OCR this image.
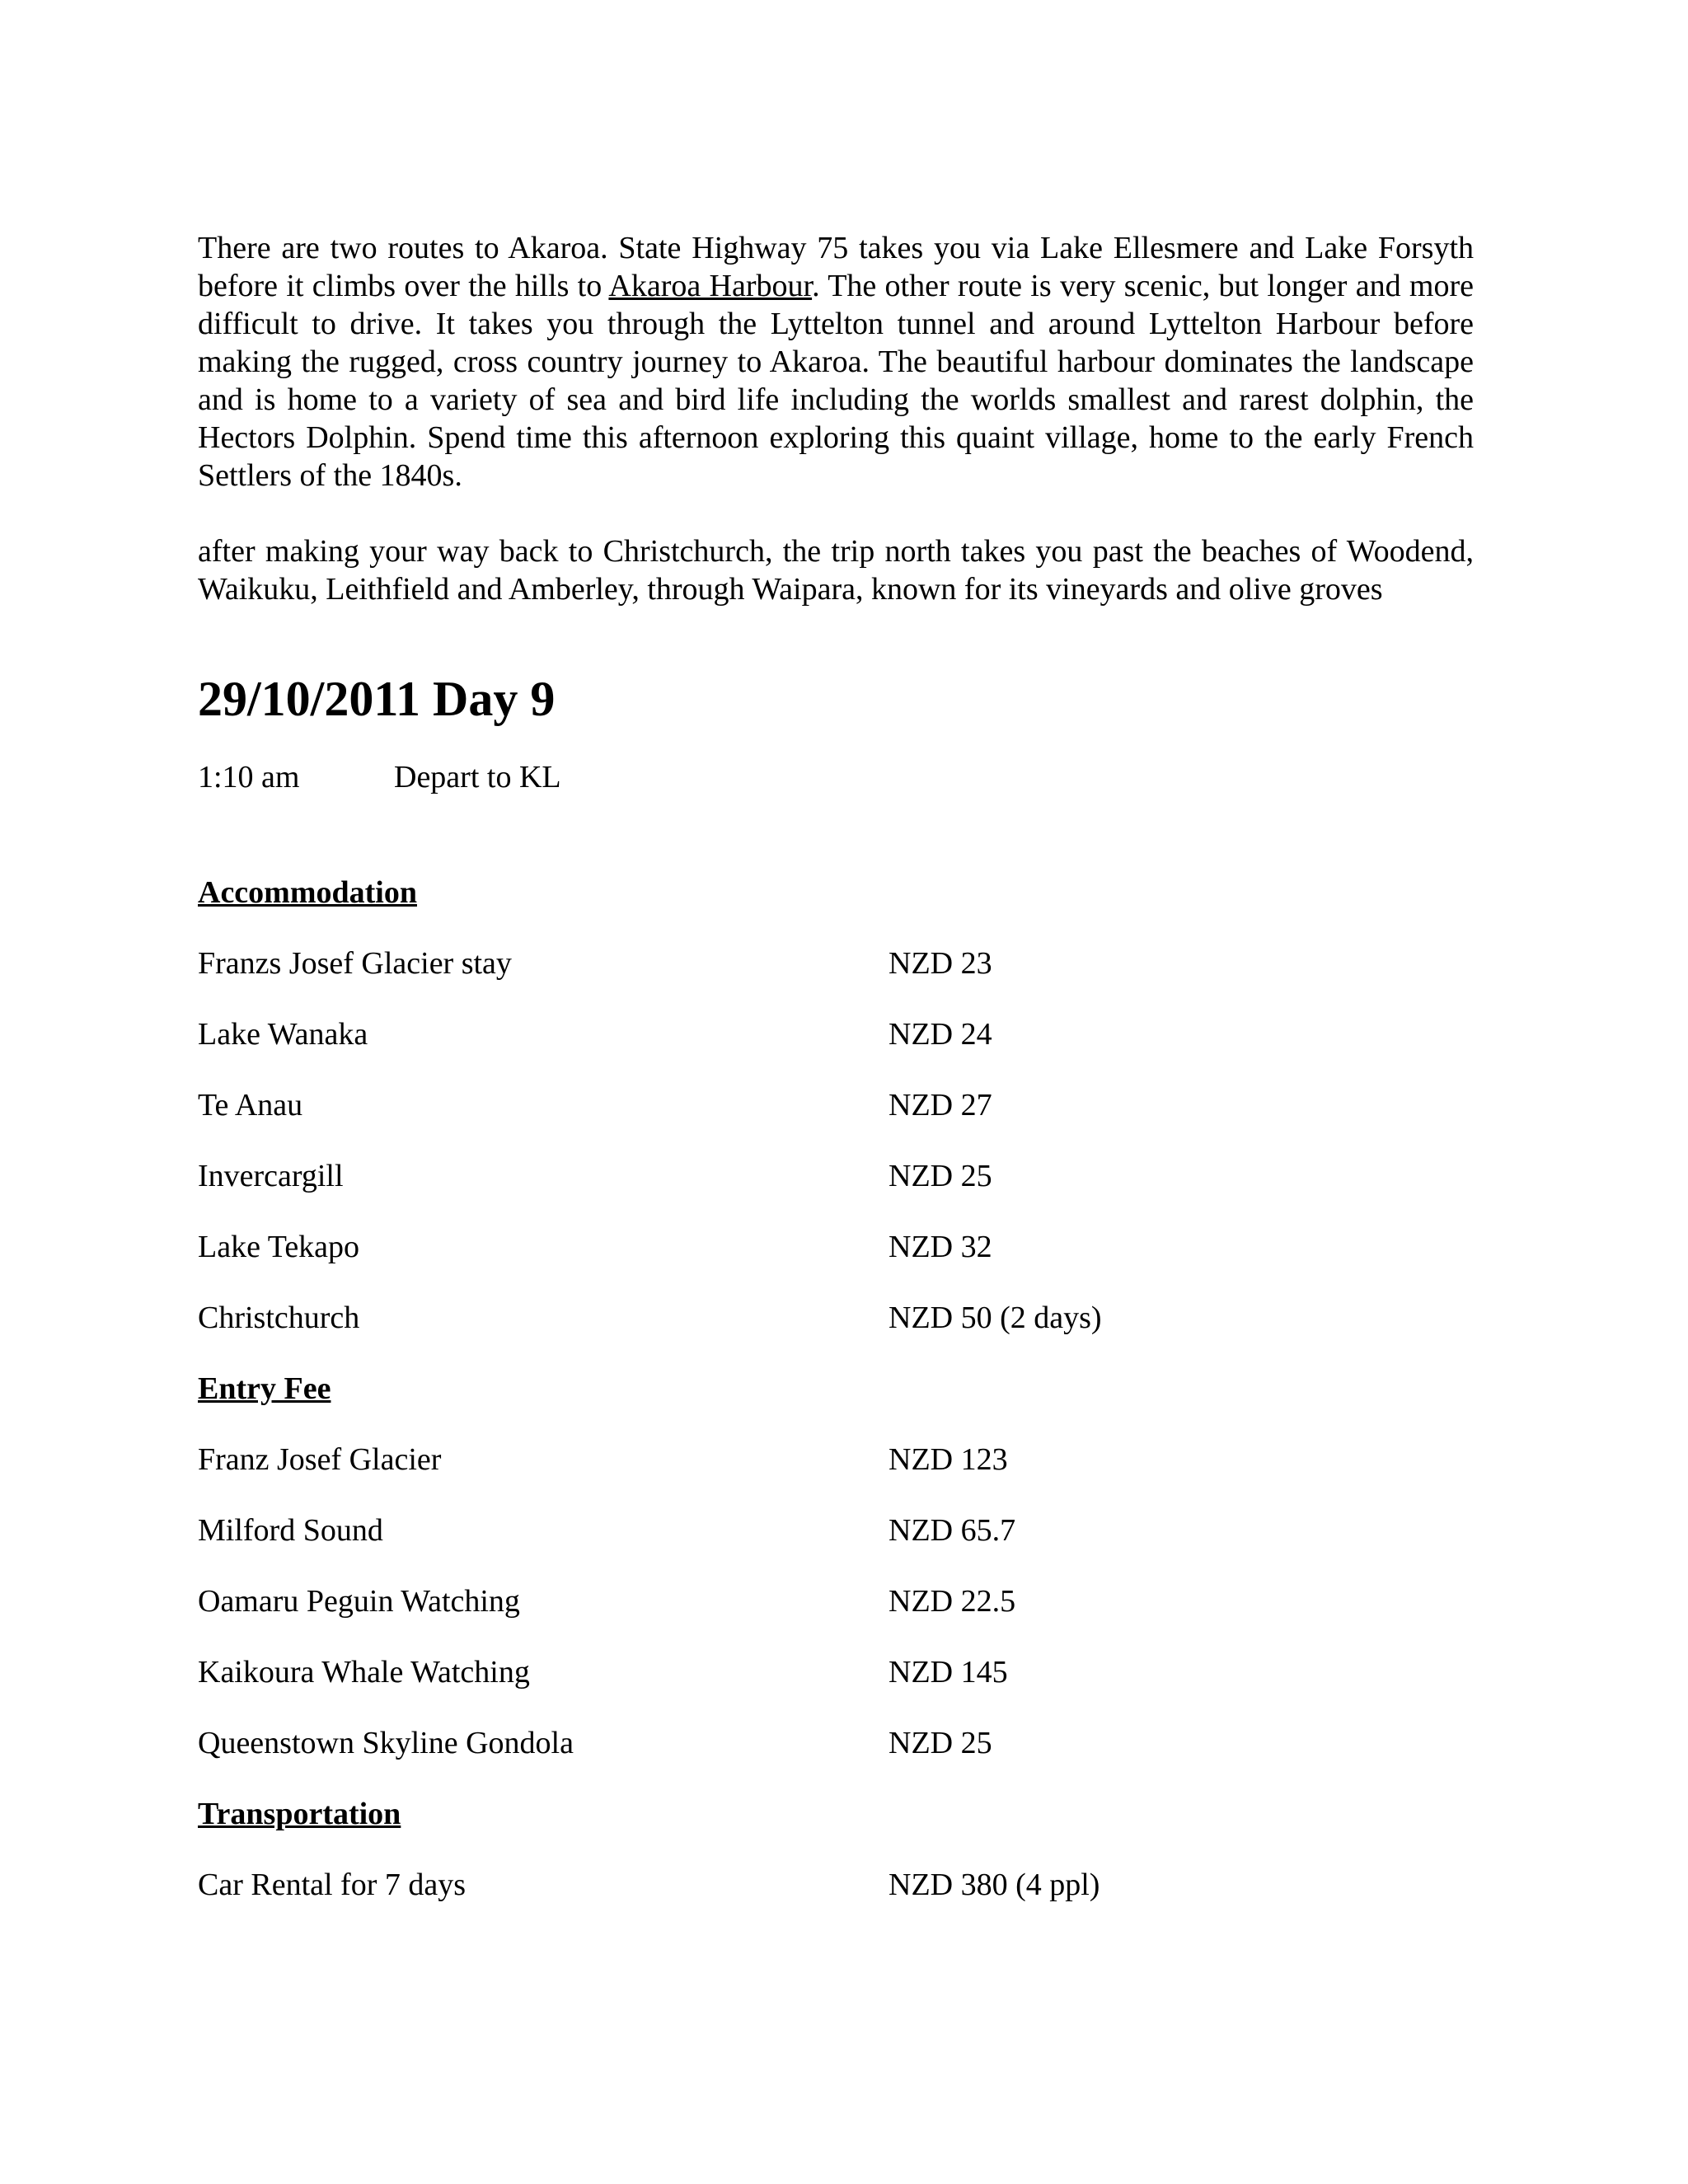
There are two routes to Akaroa. State Highway 75 takes you via Lake Ellesmere and Lake Forsyth before it climbs over the hills to Akaroa Harbour. The other route is very scenic, but longer and more difficult to drive. It takes you through the Lyttelton tunnel and around Lyttelton Harbour before making the rugged, cross country journey to Akaroa. The beautiful harbour dominates the landscape and is home to a variety of sea and bird life including the worlds smallest and rarest dolphin, the Hectors Dolphin. Spend time this afternoon exploring this quaint village, home to the early French Settlers of the 1840s.

after making your way back to Christchurch, the trip north takes you past the beaches of Woodend, Waikuku, Leithfield and Amberley, through Waipara, known for its vineyards and olive groves

29/10/2011 Day 9
1:10 am	Depart to KL
Accommodation
Franzs Josef Glacier stay	NZD 23
Lake Wanaka	NZD 24
Te Anau	NZD 27
Invercargill	NZD 25
Lake Tekapo	NZD 32
Christchurch	NZD 50 (2 days)
Entry Fee
Franz Josef Glacier	NZD 123
Milford Sound	NZD 65.7
Oamaru Peguin Watching	NZD 22.5
Kaikoura Whale Watching	NZD 145
Queenstown Skyline Gondola	NZD 25
Transportation
Car Rental for 7 days	NZD 380 (4 ppl)
